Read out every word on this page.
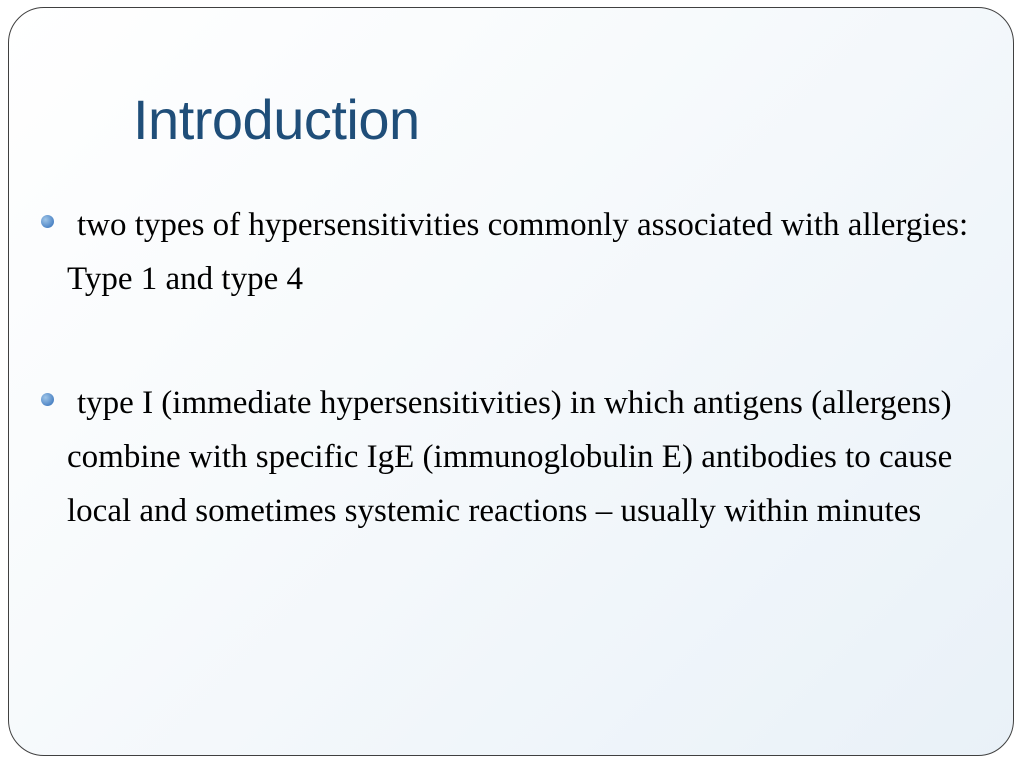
Introduction
two types of hypersensitivities commonly associated with allergies: Type 1 and type 4
type I (immediate hypersensitivities) in which antigens (allergens) combine with specific IgE (immunoglobulin E) antibodies to cause local and sometimes systemic reactions – usually within minutes
